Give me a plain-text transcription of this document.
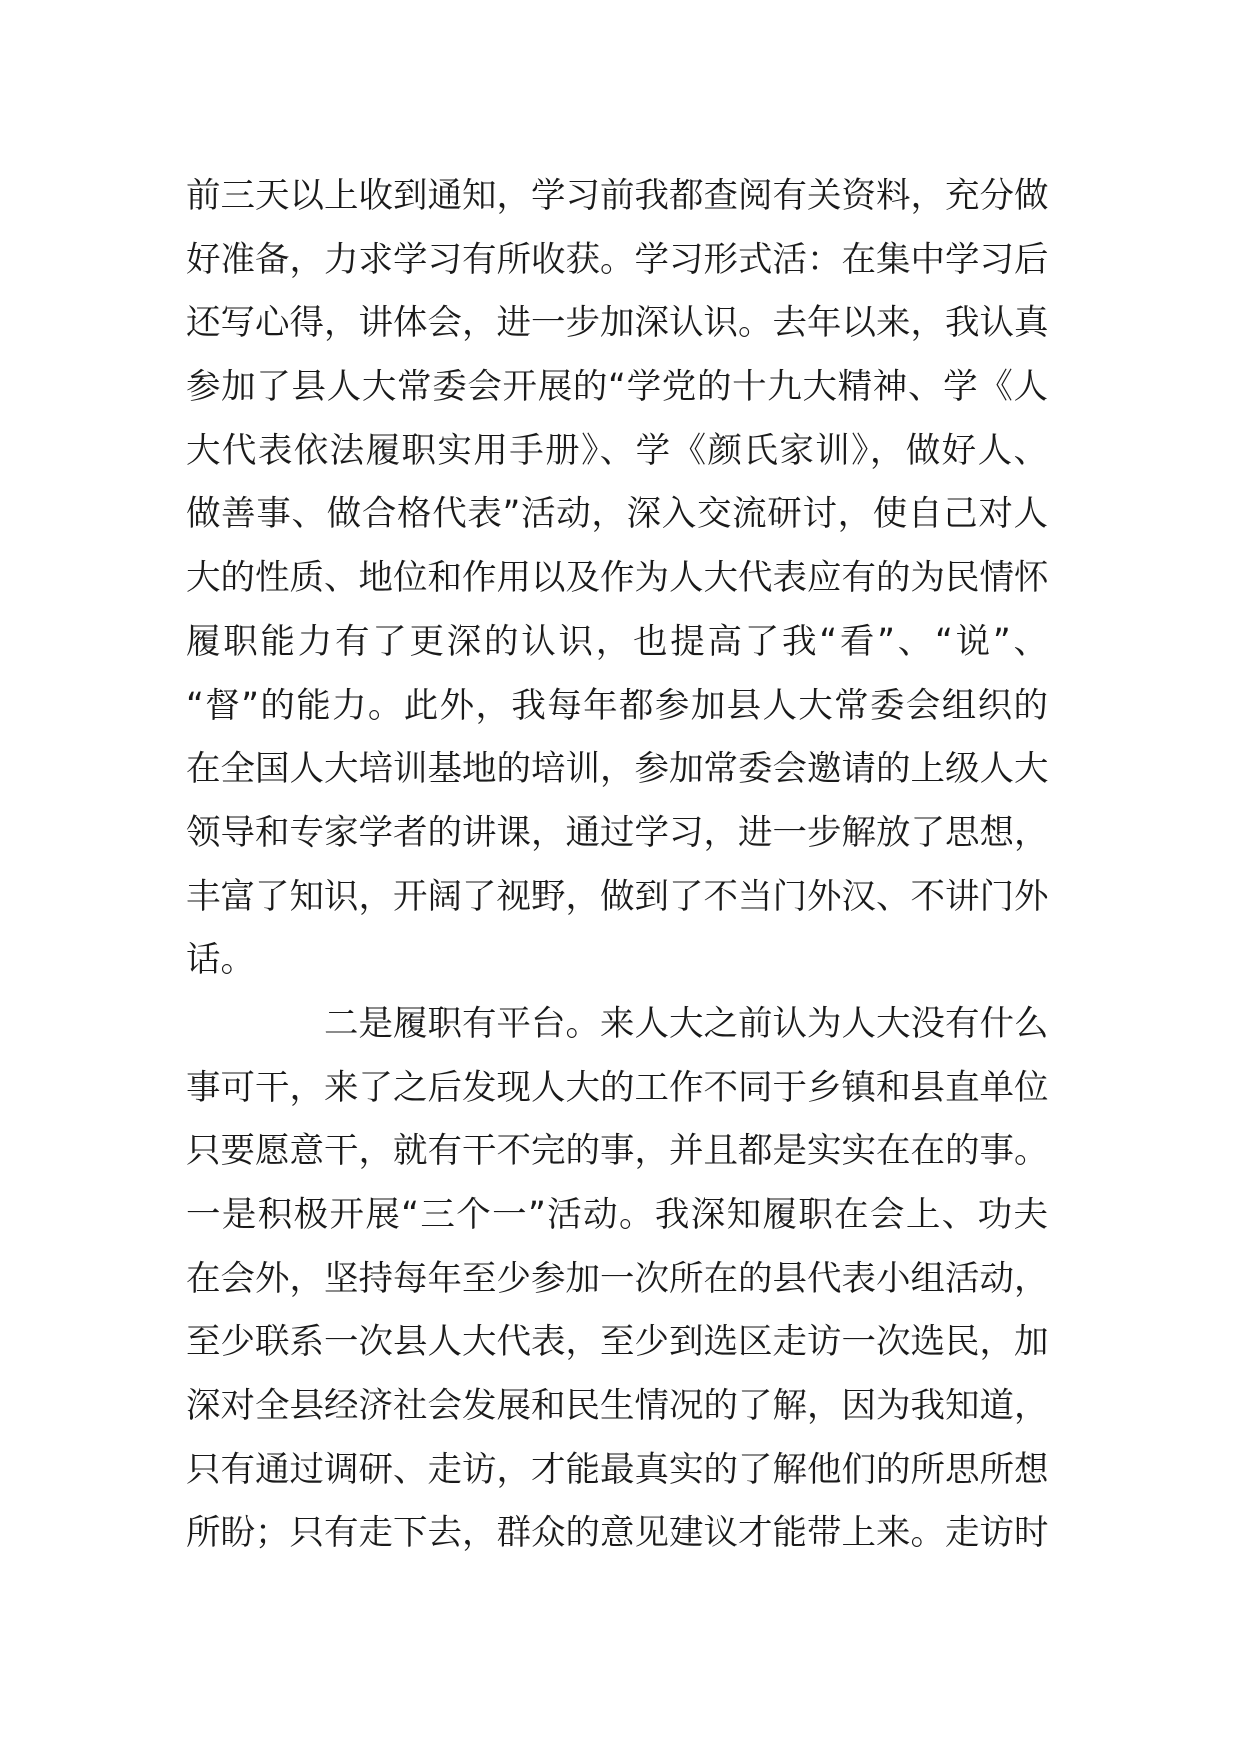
前三天以上收到通知，学习前我都查阅有关资料，充分做
好准备，力求学习有所收获。学习形式活：在集中学习后
还写心得，讲体会，进一步加深认识。去年以来，我认真
参加了县人大常委会开展的“学党的十九大精神、学《人
大代表依法履职实用手册》、学《颜氏家训》，做好人、
做善事、做合格代表”活动，深入交流研讨，使自己对人
大的性质、地位和作用以及作为人大代表应有的为民情怀
履职能力有了更深的认识，也提高了我“看”、“说”、
“督”的能力。此外，我每年都参加县人大常委会组织的
在全国人大培训基地的培训，参加常委会邀请的上级人大
领导和专家学者的讲课，通过学习，进一步解放了思想，
丰富了知识，开阔了视野，做到了不当门外汉、不讲门外
话。
二是履职有平台。来人大之前认为人大没有什么
事可干，来了之后发现人大的工作不同于乡镇和县直单位
只要愿意干，就有干不完的事，并且都是实实在在的事。
一是积极开展“三个一”活动。我深知履职在会上、功夫
在会外，坚持每年至少参加一次所在的县代表小组活动，
至少联系一次县人大代表，至少到选区走访一次选民，加
深对全县经济社会发展和民生情况的了解，因为我知道，
只有通过调研、走访，才能最真实的了解他们的所思所想
所盼；只有走下去，群众的意见建议才能带上来。走访时
